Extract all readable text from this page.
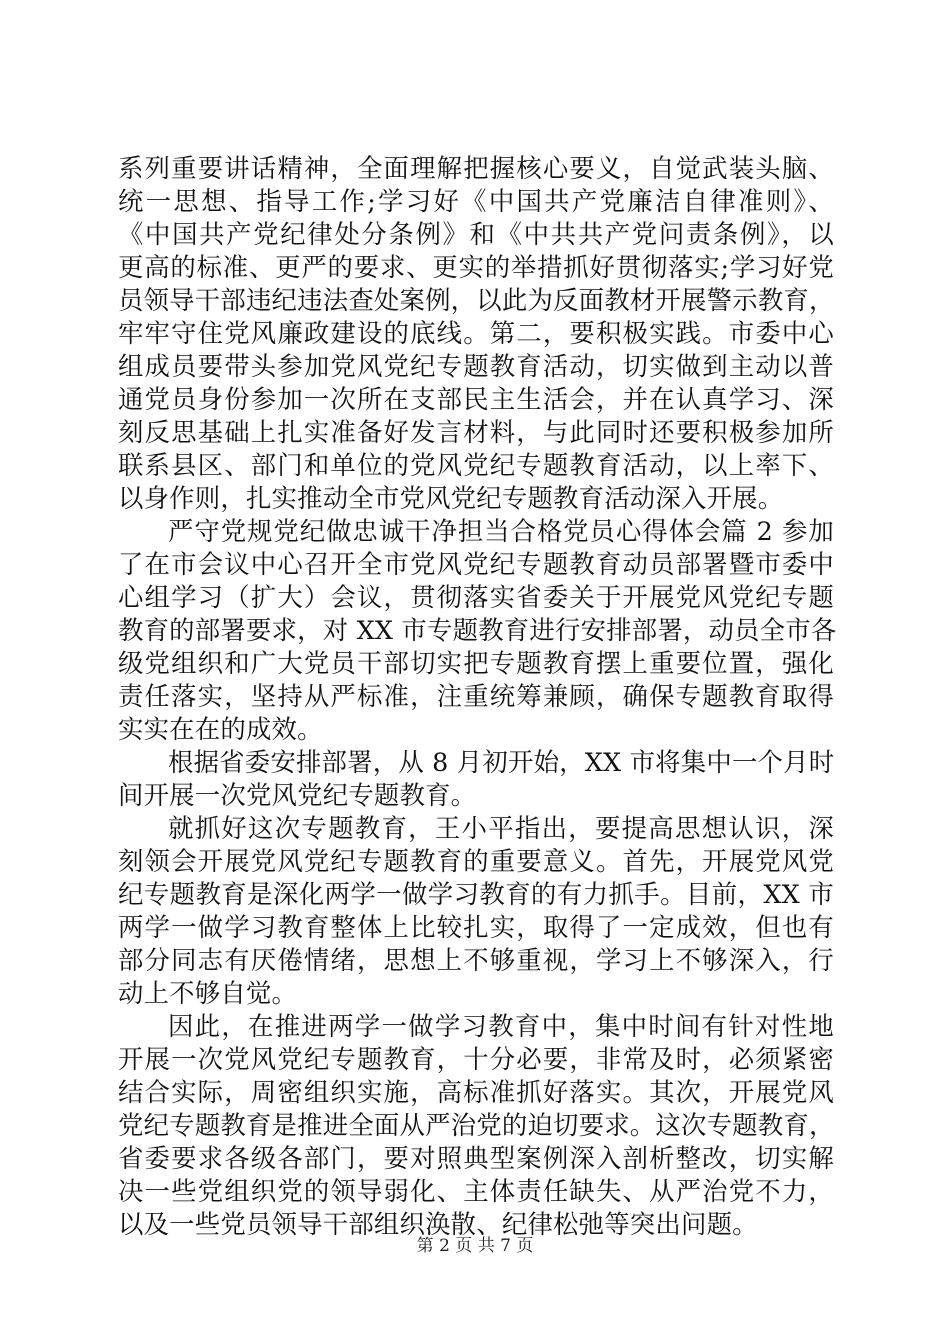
系列重要讲话精神，全面理解把握核心要义，自觉武装头脑、
统一思想、指导工作;学习好《中国共产党廉洁自律准则》、
《中国共产党纪律处分条例》和《中共共产党问责条例》，以
更高的标准、更严的要求、更实的举措抓好贯彻落实;学习好党
员领导干部违纪违法查处案例，以此为反面教材开展警示教育，
牢牢守住党风廉政建设的底线。第二，要积极实践。市委中心
组成员要带头参加党风党纪专题教育活动，切实做到主动以普
通党员身份参加一次所在支部民主生活会，并在认真学习、深
刻反思基础上扎实准备好发言材料，与此同时还要积极参加所
联系县区、部门和单位的党风党纪专题教育活动，以上率下、
以身作则，扎实推动全市党风党纪专题教育活动深入开展。
严守党规党纪做忠诚干净担当合格党员心得体会篇 2 参加
了在市会议中心召开全市党风党纪专题教育动员部署暨市委中
心组学习（扩大）会议，贯彻落实省委关于开展党风党纪专题
教育的部署要求，对 XX 市专题教育进行安排部署，动员全市各
级党组织和广大党员干部切实把专题教育摆上重要位置，强化
责任落实，坚持从严标准，注重统筹兼顾，确保专题教育取得
实实在在的成效。
根据省委安排部署，从 8 月初开始，XX 市将集中一个月时
间开展一次党风党纪专题教育。
就抓好这次专题教育，王小平指出，要提高思想认识，深
刻领会开展党风党纪专题教育的重要意义。首先，开展党风党
纪专题教育是深化两学一做学习教育的有力抓手。目前，XX 市
两学一做学习教育整体上比较扎实，取得了一定成效，但也有
部分同志有厌倦情绪，思想上不够重视，学习上不够深入，行
动上不够自觉。
因此，在推进两学一做学习教育中，集中时间有针对性地
开展一次党风党纪专题教育，十分必要，非常及时，必须紧密
结合实际，周密组织实施，高标准抓好落实。其次，开展党风
党纪专题教育是推进全面从严治党的迫切要求。这次专题教育，
省委要求各级各部门，要对照典型案例深入剖析整改，切实解
决一些党组织党的领导弱化、主体责任缺失、从严治党不力，
以及一些党员领导干部组织涣散、纪律松弛等突出问题。
第 2 页 共 7 页
